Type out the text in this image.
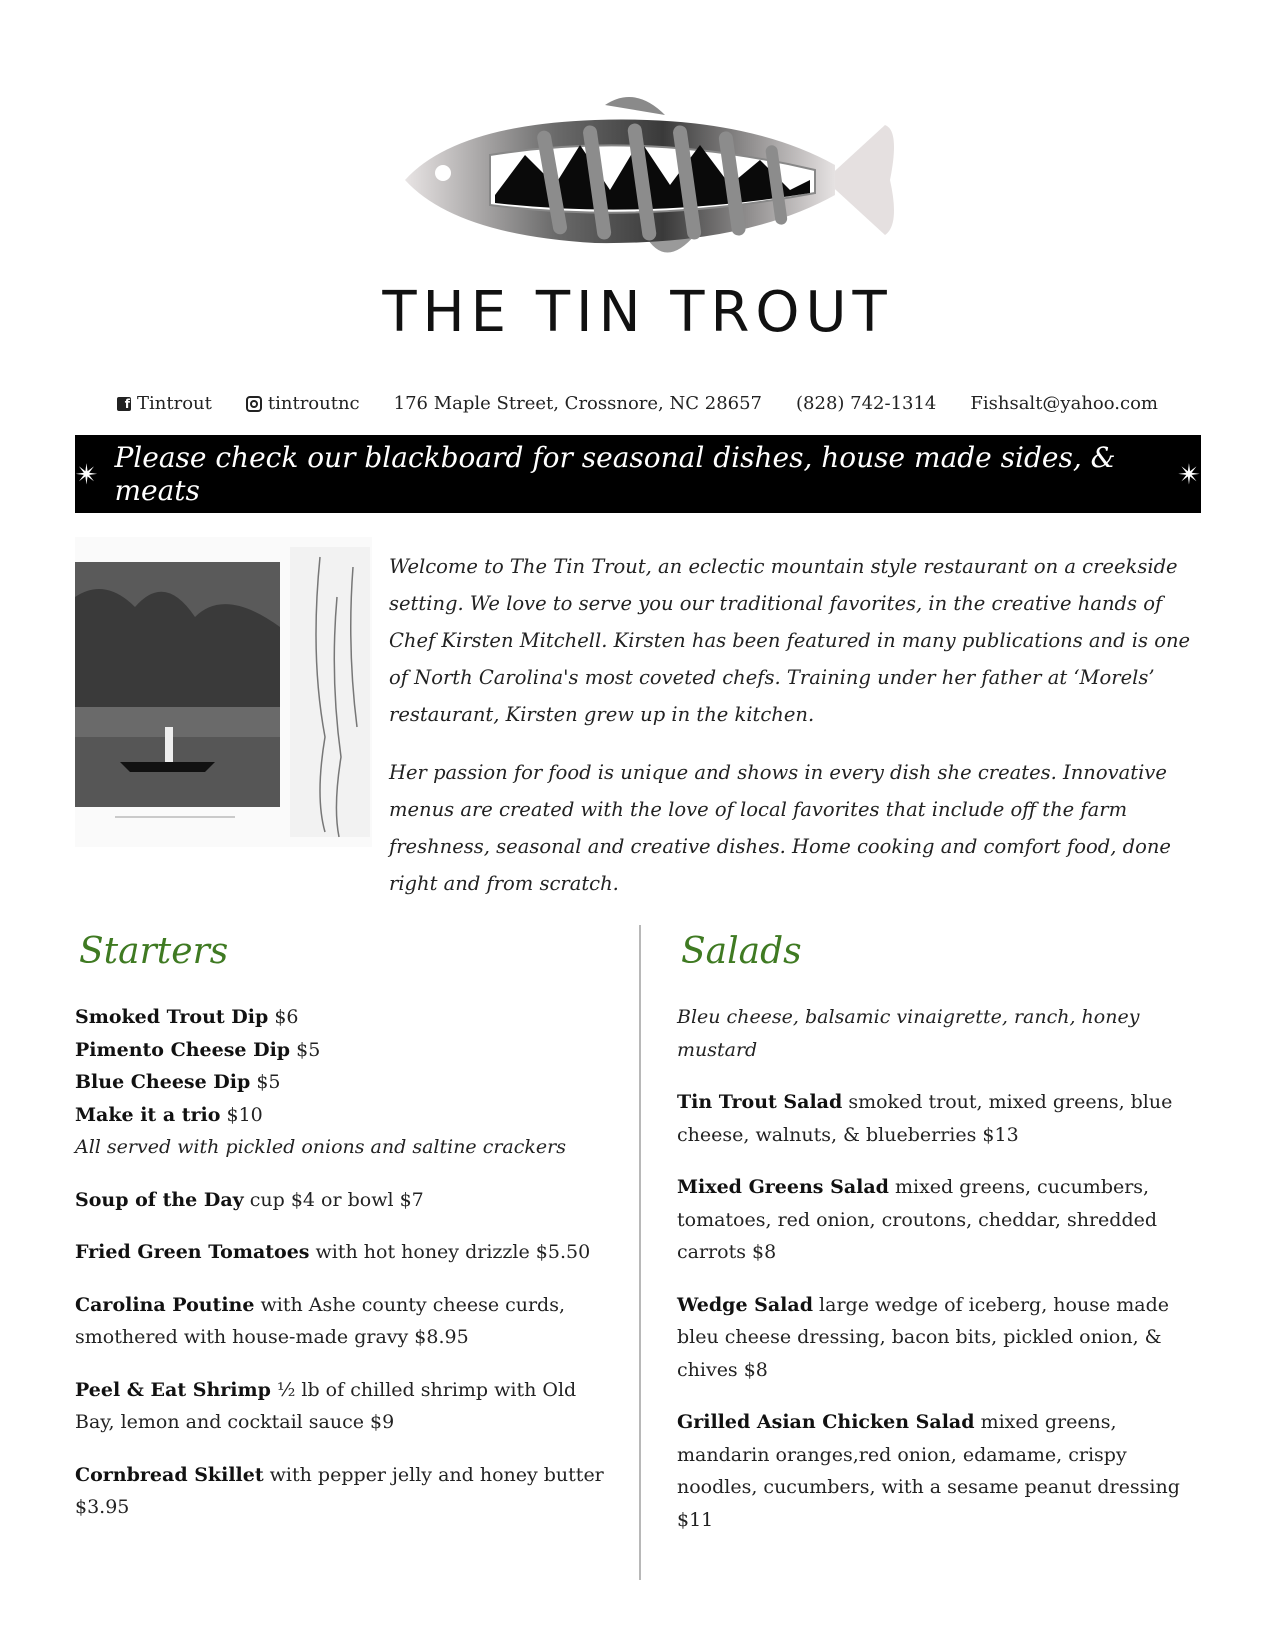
THE TIN TROUT
f Tintrout	tintroutnc 176 Maple Street, Crossnore, NC 28657 (828) 742-1314 Fishsalt@yahoo.com
✴ Please check our blackboard for seasonal dishes, house made sides, & meats	✴

Welcome to The Tin Trout, an eclectic mountain style restaurant on a creekside setting. We love to serve you our traditional favorites, in the creative hands of Chef Kirsten Mitchell. Kirsten has been featured in many publications and is one of North Carolina's most coveted chefs. Training under her father at ‘Morels’ restaurant, Kirsten grew up in the kitchen.

Her passion for food is unique and shows in every dish she creates. Innovative menus are created with the love of local favorites that include off the farm freshness, seasonal and creative dishes. Home cooking and comfort food, done right and from scratch.

Starters
Smoked Trout Dip $6
Pimento Cheese Dip $5
Blue Cheese Dip $5
Make it a trio $10
All served with pickled onions and saltine crackers
Soup of the Day cup $4 or bowl $7
Fried Green Tomatoes with hot honey drizzle $5.50
Carolina Poutine with Ashe county cheese curds, smothered with house-made gravy $8.95
Peel & Eat Shrimp ½ lb of chilled shrimp with Old Bay, lemon and cocktail sauce $9
Cornbread Skillet with pepper jelly and honey butter $3.95
Salads
Bleu cheese, balsamic vinaigrette, ranch, honey mustard
Tin Trout Salad smoked trout, mixed greens, blue cheese, walnuts, & blueberries $13
Mixed Greens Salad mixed greens, cucumbers, tomatoes, red onion, croutons, cheddar, shredded carrots $8
Wedge Salad large wedge of iceberg, house made bleu cheese dressing, bacon bits, pickled onion, & chives $8
Grilled Asian Chicken Salad mixed greens, mandarin oranges,red onion, edamame, crispy noodles, cucumbers, with a sesame peanut dressing $11
